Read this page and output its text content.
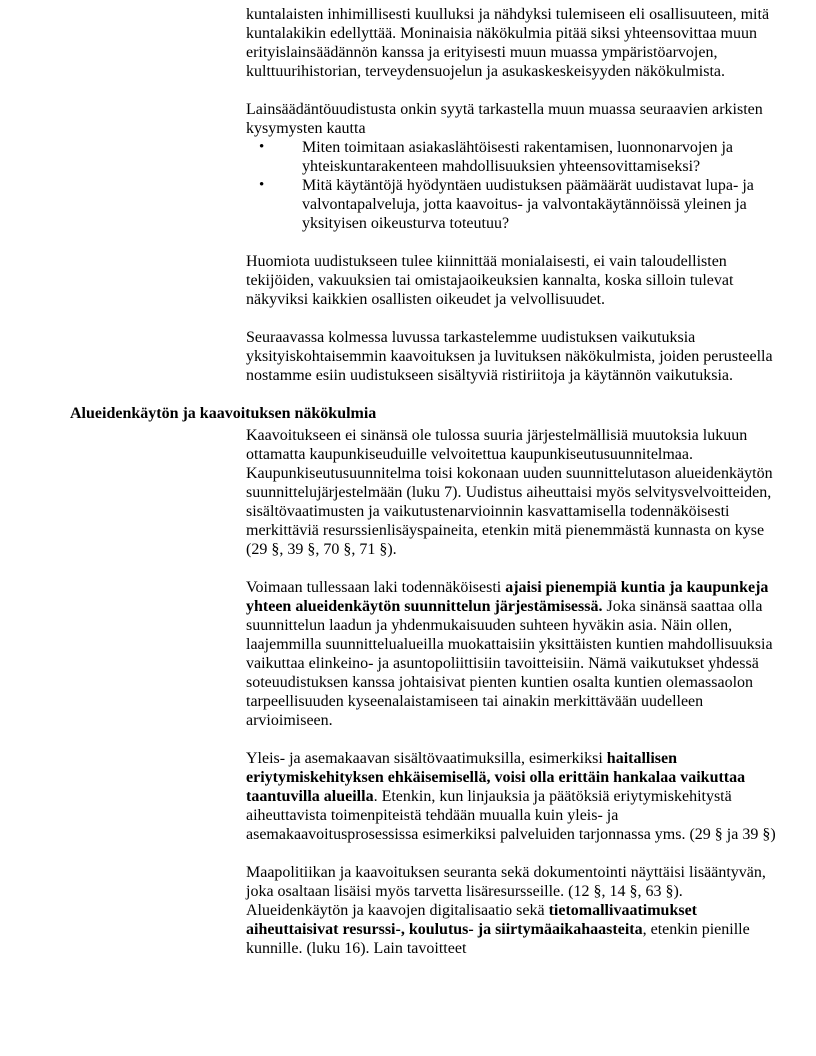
kuntalaisten inhimillisesti kuulluksi ja nähdyksi tulemiseen eli osallisuuteen, mitä kuntalakikin edellyttää. Moninaisia näkökulmia pitää siksi yhteensovittaa muun erityislainsäädännön kanssa ja erityisesti muun muassa ympäristöarvojen, kulttuurihistorian, terveydensuojelun ja asukaskeskeisyyden näkökulmista.

Lainsäädäntöuudistusta onkin syytä tarkastella muun muassa seuraavien arkisten kysymysten kautta

•	Miten toimitaan asiakaslähtöisesti rakentamisen, luonnonarvojen ja yhteiskuntarakenteen mahdollisuuksien yhteensovittamiseksi?
•	Mitä käytäntöjä hyödyntäen uudistuksen päämäärät uudistavat lupa- ja valvontapalveluja, jotta kaavoitus- ja valvontakäytännöissä yleinen ja yksityisen oikeusturva toteutuu?

Huomiota uudistukseen tulee kiinnittää monialaisesti, ei vain taloudellisten tekijöiden, vakuuksien tai omistajaoikeuksien kannalta, koska silloin tulevat näkyviksi kaikkien osallisten oikeudet ja velvollisuudet.

Seuraavassa kolmessa luvussa tarkastelemme uudistuksen vaikutuksia yksityiskohtaisemmin kaavoituksen ja luvituksen näkökulmista, joiden perusteella nostamme esiin uudistukseen sisältyviä ristiriitoja ja käytännön vaikutuksia.

Alueidenkäytön ja kaavoituksen näkökulmia

Kaavoitukseen ei sinänsä ole tulossa suuria järjestelmällisiä muutoksia lukuun ottamatta kaupunkiseuduille velvoitettua kaupunkiseutusuunnitelmaa. Kaupunkiseutusuunnitelma toisi kokonaan uuden suunnittelutason alueidenkäytön suunnittelujärjestelmään (luku 7). Uudistus aiheuttaisi myös selvitysvelvoitteiden, sisältövaatimusten ja vaikutustenarvioinnin kasvattamisella todennäköisesti merkittäviä resurssienlisäyspaineita, etenkin mitä pienemmästä kunnasta on kyse (29 §, 39 §, 70 §, 71 §).

Voimaan tullessaan laki todennäköisesti ajaisi pienempiä kuntia ja kaupunkeja yhteen alueidenkäytön suunnittelun järjestämisessä. Joka sinänsä saattaa olla suunnittelun laadun ja yhdenmukaisuuden suhteen hyväkin asia. Näin ollen, laajemmilla suunnittelualueilla muokattaisiin yksittäisten kuntien mahdollisuuksia vaikuttaa elinkeino- ja asuntopoliittisiin tavoitteisiin. Nämä vaikutukset yhdessä soteuudistuksen kanssa johtaisivat pienten kuntien osalta kuntien olemassaolon tarpeellisuuden kyseenalaistamiseen tai ainakin merkittävään uudelleen arvioimiseen.

Yleis- ja asemakaavan sisältövaatimuksilla, esimerkiksi haitallisen eriytymiskehityksen ehkäisemisellä, voisi olla erittäin hankalaa vaikuttaa taantuvilla alueilla. Etenkin, kun linjauksia ja päätöksiä eriytymiskehitystä aiheuttavista toimenpiteistä tehdään muualla kuin yleis- ja asemakaavoitusprosessissa esimerkiksi palveluiden tarjonnassa yms. (29 § ja 39 §)

Maapolitiikan ja kaavoituksen seuranta sekä dokumentointi näyttäisi lisääntyvän, joka osaltaan lisäisi myös tarvetta lisäresursseille. (12 §, 14 §, 63 §). Alueidenkäytön ja kaavojen digitalisaatio sekä tietomallivaatimukset aiheuttaisivat resurssi-, koulutus- ja siirtymäaikahaasteita, etenkin pienille kunnille. (luku 16). Lain tavoitteet
